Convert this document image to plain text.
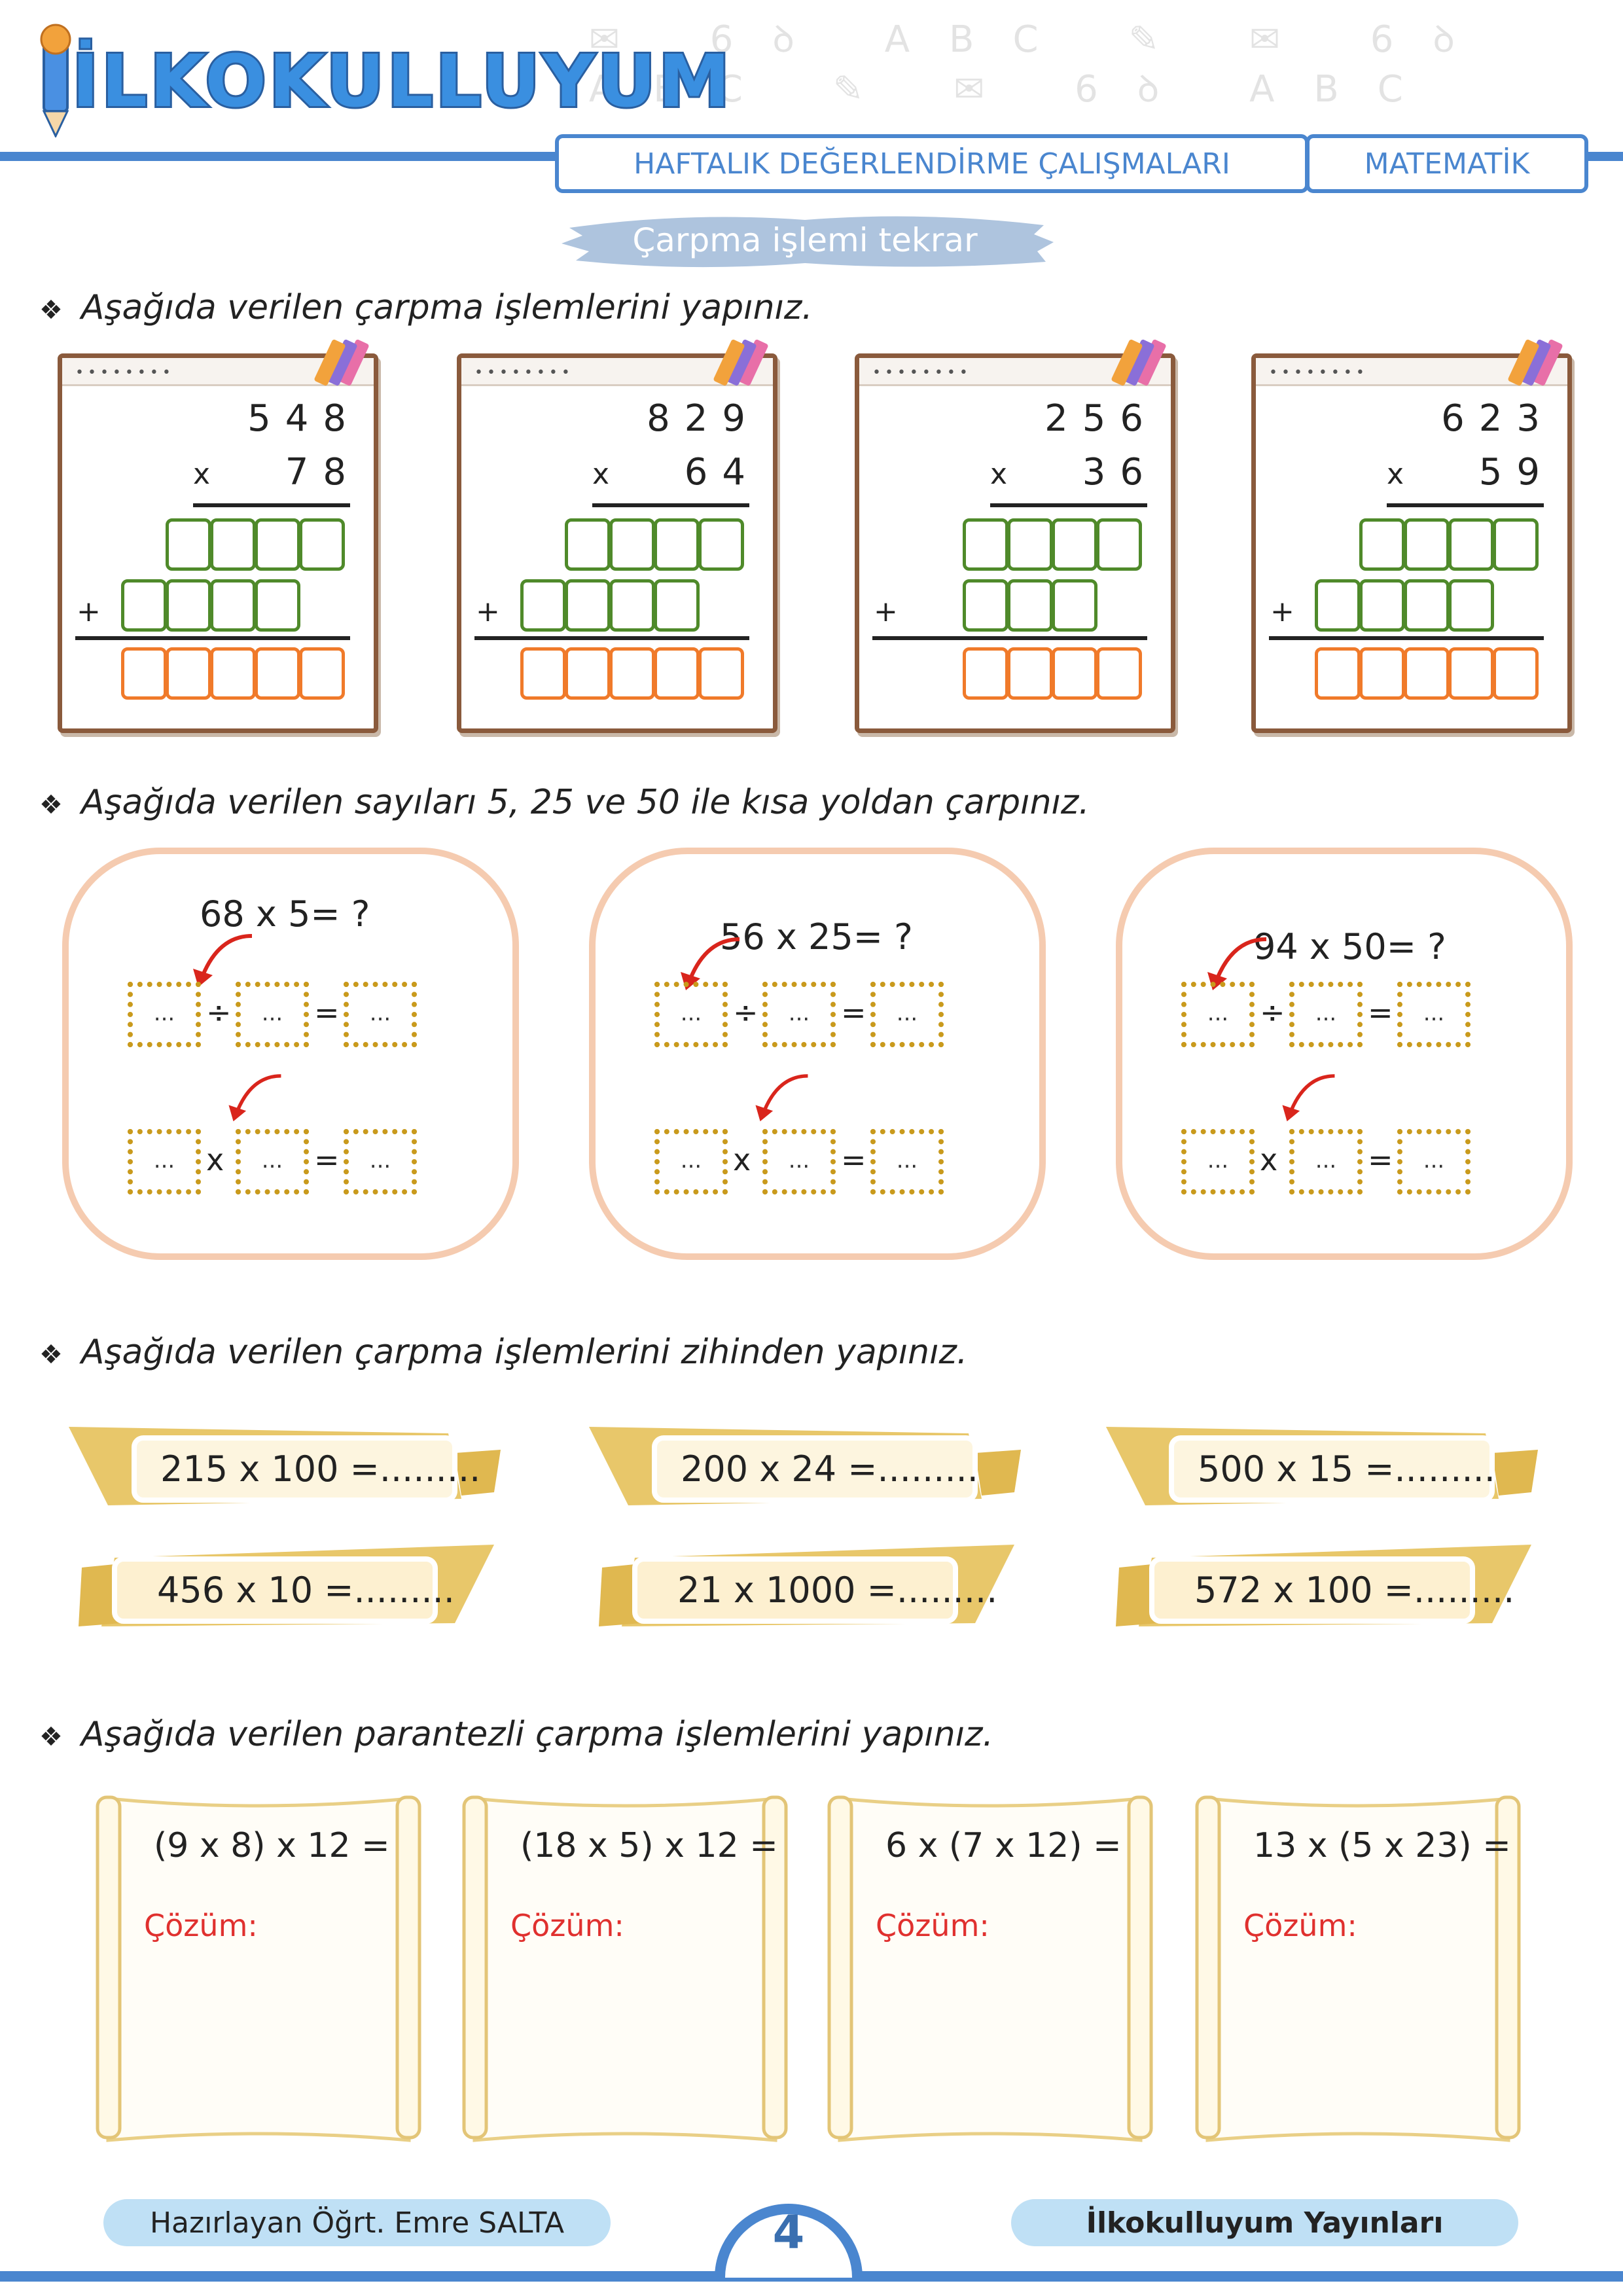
✉ 6ꝺ ABC ✎ ✉ 6ꝺ ABC ✎ ✉ 6ꝺ ABC
İLKOKULLUYUM
HAFTALIK DEĞERLENDİRME ÇALIŞMALARI	MATEMATİK
Çarpma işlemi tekrar
❖ Aşağıda verilen çarpma işlemlerini yapınız.
••••••••
548
x 78
+
••••••••
829
x 64
+
••••••••
256
x 36
+
••••••••
623
x 59
+
❖ Aşağıda verilen sayıları 5, 25 ve 50 ile kısa yoldan çarpınız.
68 x 5= ?
...	...	...
÷	=
...	...	...
x	=
56 x 25= ?
...	...	...
÷	=
...	...	...
x	=
94 x 50= ?
...	...	...
÷	=
...	...	...
x	=
❖ Aşağıda verilen çarpma işlemlerini zihinden yapınız.
215 x 100 =.........	200 x 24 =.........	500 x 15 =.........
456 x 10 =.........	21 x 1000 =.........	572 x 100 =.........
❖ Aşağıda verilen parantezli çarpma işlemlerini yapınız.
(9 x 8) x 12 =
Çözüm:
(18 x 5) x 12 =
Çözüm:
6 x (7 x 12) =
Çözüm:
13 x (5 x 23) =
Çözüm:
Hazırlayan Öğrt. Emre SALTA	İlkokulluyum Yayınları
4
